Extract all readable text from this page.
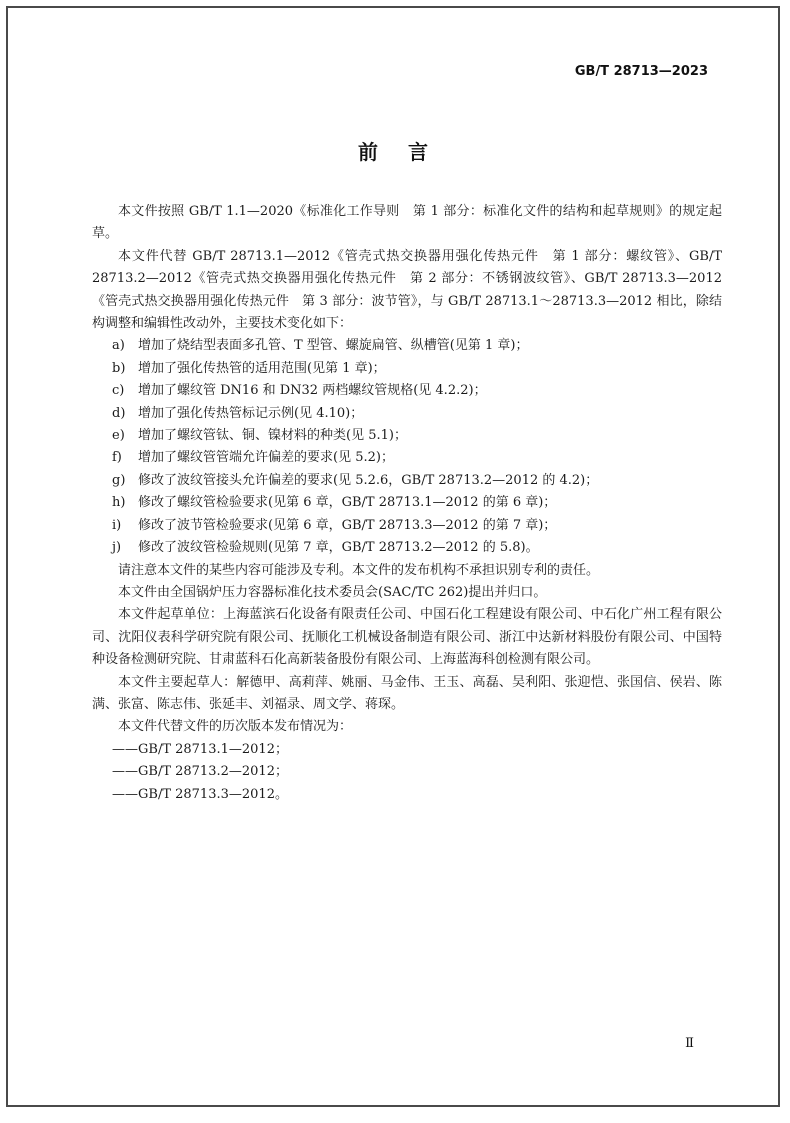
GB/T 28713—2023
前言

本文件按照 GB/T 1.1—2020《标准化工作导则　第 1 部分：标准化文件的结构和起草规则》的规定起草。

本文件代替 GB/T 28713.1—2012《管壳式热交换器用强化传热元件　第 1 部分：螺纹管》、GB/T 28713.2—2012《管壳式热交换器用强化传热元件　第 2 部分：不锈钢波纹管》、GB/T 28713.3—2012《管壳式热交换器用强化传热元件　第 3 部分：波节管》，与 GB/T 28713.1～28713.3—2012 相比，除结构调整和编辑性改动外，主要技术变化如下：

a) 增加了烧结型表面多孔管、T 型管、螺旋扁管、纵槽管(见第 1 章)；

b) 增加了强化传热管的适用范围(见第 1 章)；

c) 增加了螺纹管 DN16 和 DN32 两档螺纹管规格(见 4.2.2)；

d) 增加了强化传热管标记示例(见 4.10)；

e) 增加了螺纹管钛、铜、镍材料的种类(见 5.1)；

f) 增加了螺纹管管端允许偏差的要求(见 5.2)；

g) 修改了波纹管接头允许偏差的要求(见 5.2.6，GB/T 28713.2—2012 的 4.2)；

h) 修改了螺纹管检验要求(见第 6 章，GB/T 28713.1—2012 的第 6 章)；

i) 修改了波节管检验要求(见第 6 章，GB/T 28713.3—2012 的第 7 章)；

j) 修改了波纹管检验规则(见第 7 章，GB/T 28713.2—2012 的 5.8)。

请注意本文件的某些内容可能涉及专利。本文件的发布机构不承担识别专利的责任。

本文件由全国锅炉压力容器标准化技术委员会(SAC/TC 262)提出并归口。

本文件起草单位：上海蓝滨石化设备有限责任公司、中国石化工程建设有限公司、中石化广州工程有限公司、沈阳仪表科学研究院有限公司、抚顺化工机械设备制造有限公司、浙江中达新材料股份有限公司、中国特种设备检测研究院、甘肃蓝科石化高新装备股份有限公司、上海蓝海科创检测有限公司。

本文件主要起草人：解德甲、高莉萍、姚丽、马金伟、王玉、高磊、吴利阳、张迎恺、张国信、侯岩、陈满、张富、陈志伟、张延丰、刘福录、周文学、蒋琛。

本文件代替文件的历次版本发布情况为：

——GB/T 28713.1—2012；

——GB/T 28713.2—2012；

——GB/T 28713.3—2012。

Ⅱ
